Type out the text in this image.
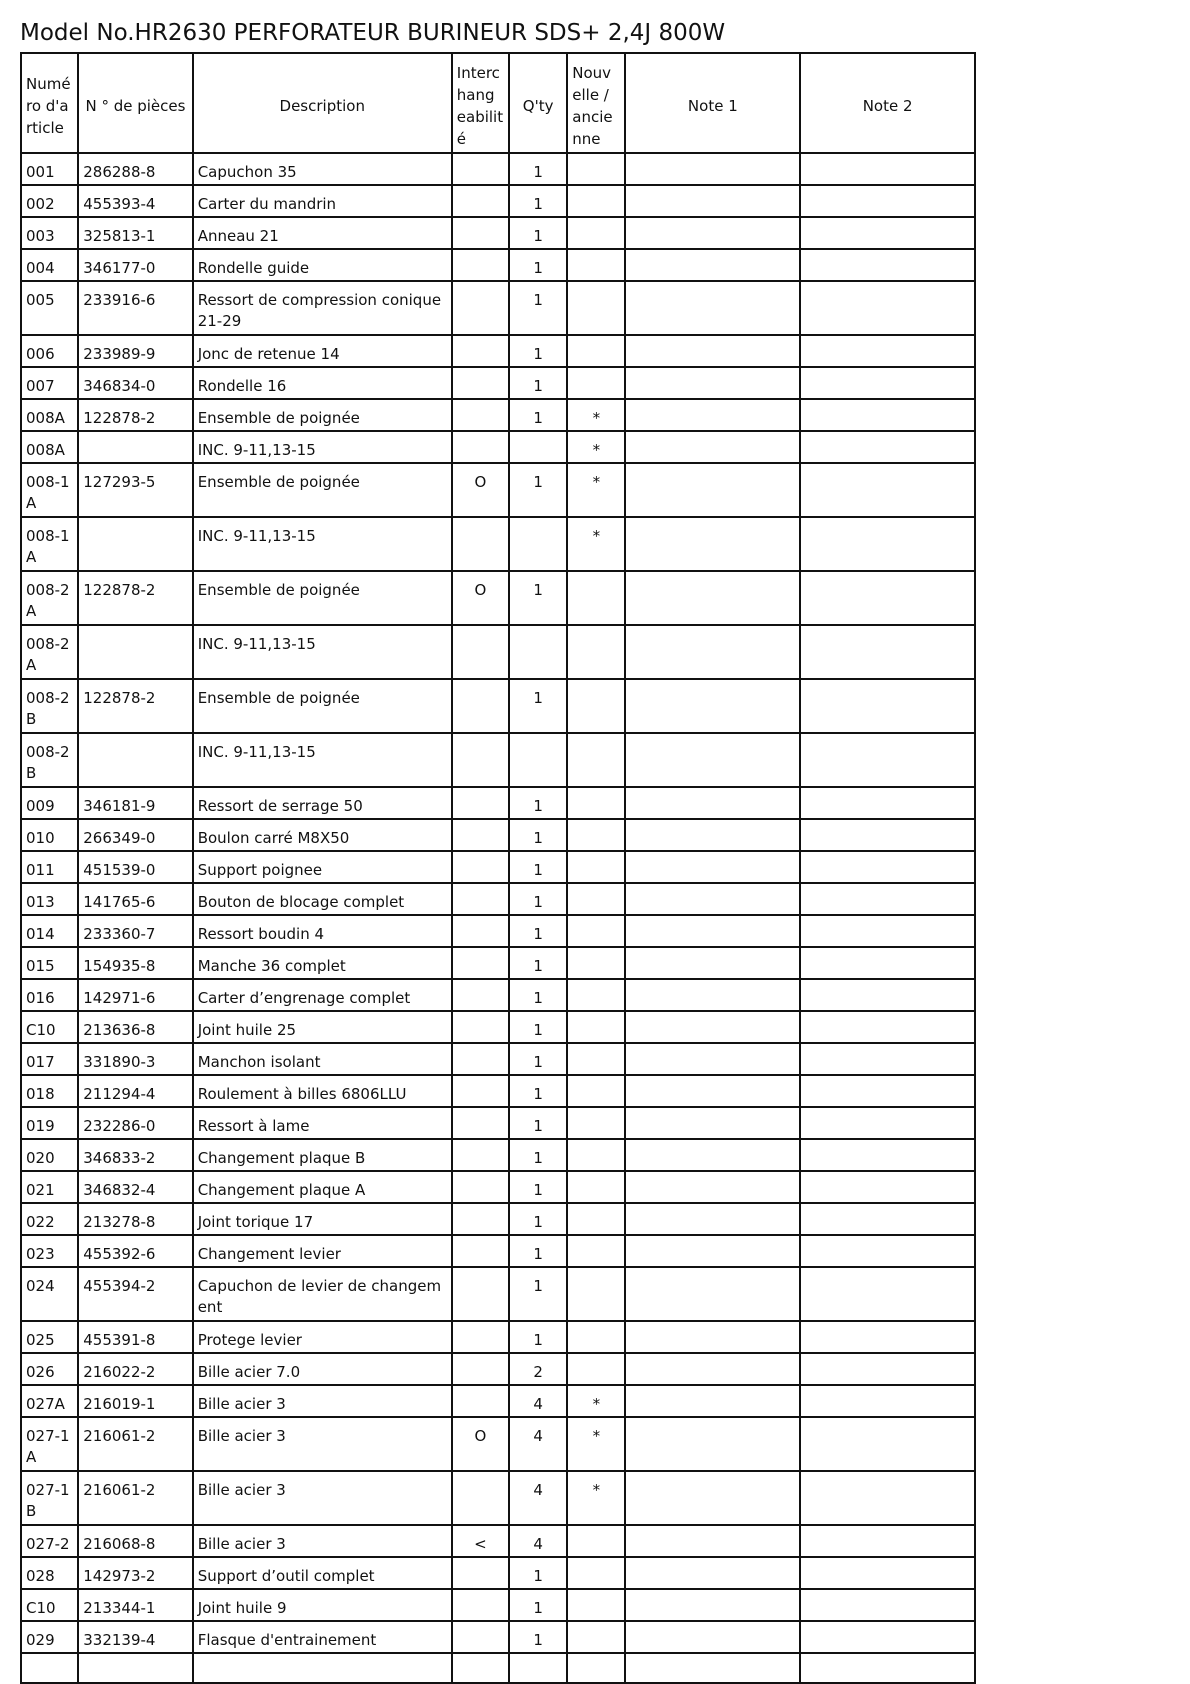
Model No.HR2630 PERFORATEUR BURINEUR SDS+ 2,4J 800W
Numé ro d'a rticle	N ° de pièces	Description	Interc hang eabilit é	Q'ty	Nouv elle / ancie nne	Note 1	Note 2
001	286288-8	Capuchon 35		1			
002	455393-4	Carter du mandrin		1			
003	325813-1	Anneau 21		1			
004	346177-0	Rondelle guide		1			
005	233916-6	Ressort de compression conique 21-29		1			
006	233989-9	Jonc de retenue 14		1			
007	346834-0	Rondelle 16		1			
008A	122878-2	Ensemble de poignée		1	*		
008A		INC. 9-11,13-15			*		
008-1A	127293-5	Ensemble de poignée	O	1	*		
008-1A		INC. 9-11,13-15			*		
008-2A	122878-2	Ensemble de poignée	O	1			
008-2A		INC. 9-11,13-15					
008-2B	122878-2	Ensemble de poignée		1			
008-2B		INC. 9-11,13-15					
009	346181-9	Ressort de serrage 50		1			
010	266349-0	Boulon carré M8X50		1			
011	451539-0	Support poignee		1			
013	141765-6	Bouton de blocage complet		1			
014	233360-7	Ressort boudin 4		1			
015	154935-8	Manche 36 complet		1			
016	142971-6	Carter d’engrenage complet		1			
C10	213636-8	Joint huile 25		1			
017	331890-3	Manchon isolant		1			
018	211294-4	Roulement à billes 6806LLU		1			
019	232286-0	Ressort à lame		1			
020	346833-2	Changement plaque B		1			
021	346832-4	Changement plaque A		1			
022	213278-8	Joint torique 17		1			
023	455392-6	Changement levier		1			
024	455394-2	Capuchon de levier de changem ent		1			
025	455391-8	Protege levier		1			
026	216022-2	Bille acier 7.0		2			
027A	216019-1	Bille acier 3		4	*		
027-1A	216061-2	Bille acier 3	O	4	*		
027-1B	216061-2	Bille acier 3		4	*		
027-2	216068-8	Bille acier 3	<	4			
028	142973-2	Support d’outil complet		1			
C10	213344-1	Joint huile 9		1			
029	332139-4	Flasque d'entrainement		1			
